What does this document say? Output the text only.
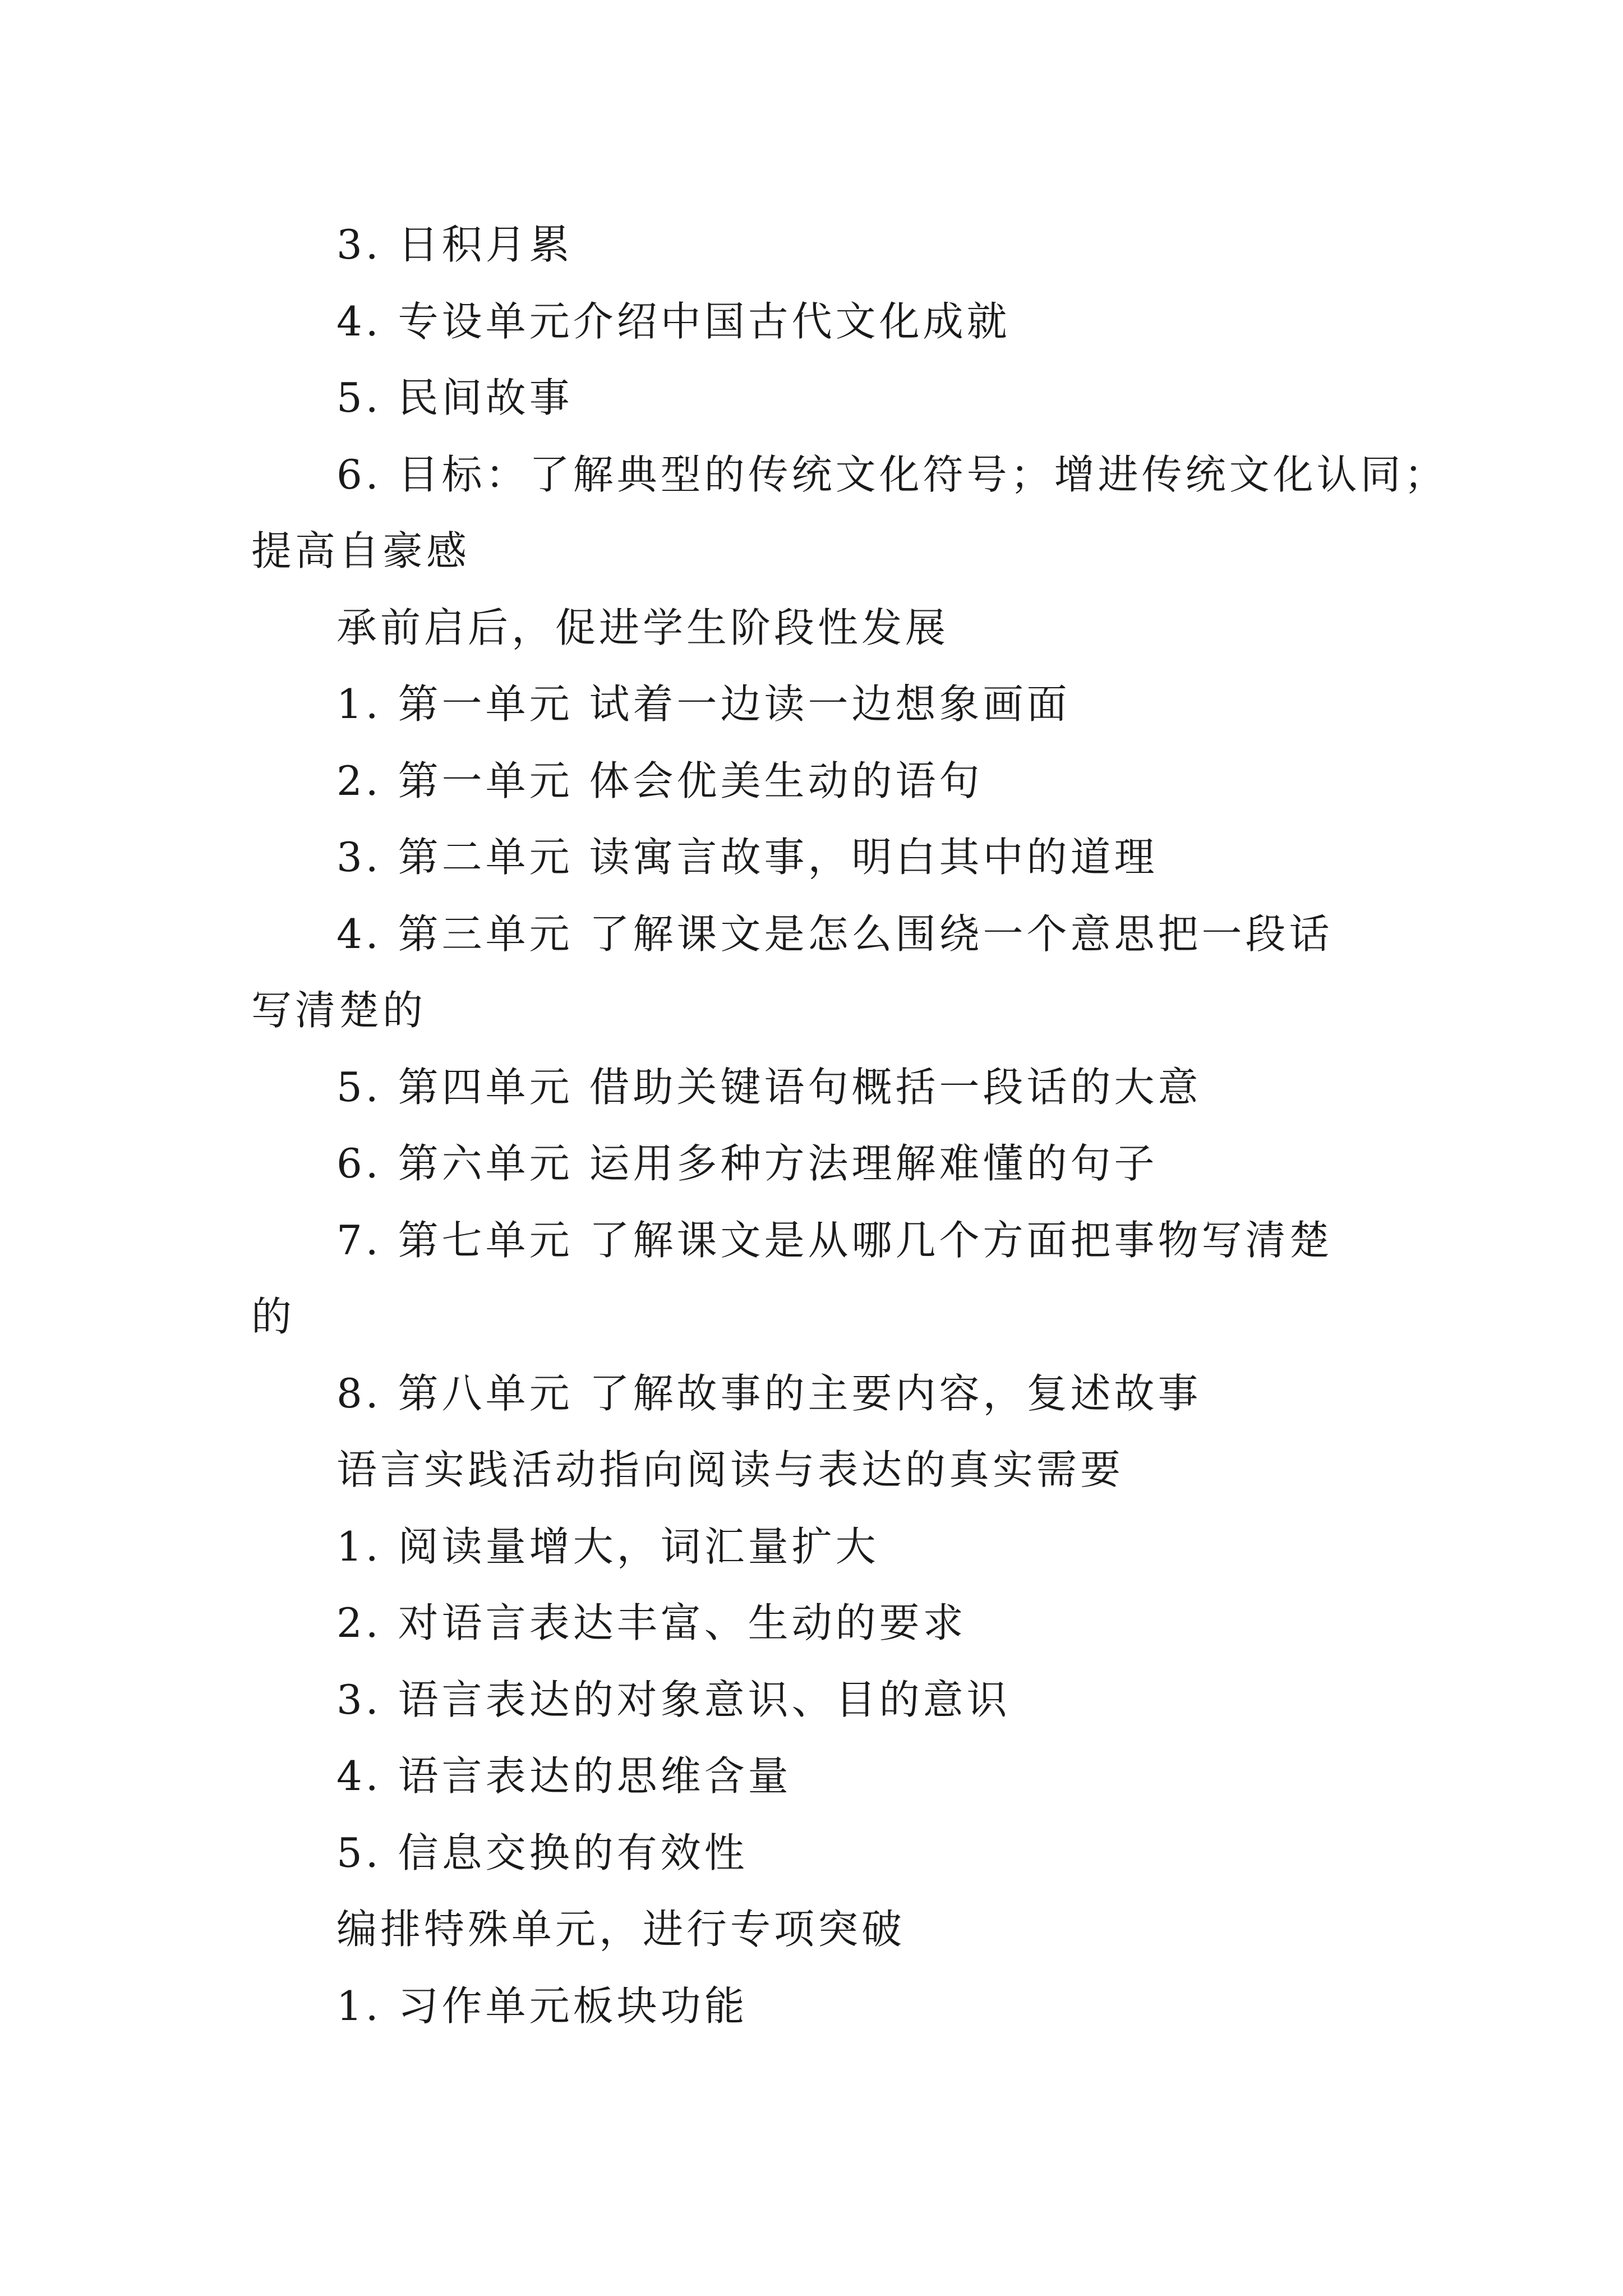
3. 日积月累
4. 专设单元介绍中国古代文化成就
5. 民间故事
6. 目标：了解典型的传统文化符号；增进传统文化认同；
提高自豪感
承前启后，促进学生阶段性发展
1. 第一单元 试着一边读一边想象画面
2. 第一单元 体会优美生动的语句
3. 第二单元 读寓言故事，明白其中的道理
4. 第三单元 了解课文是怎么围绕一个意思把一段话
写清楚的
5. 第四单元 借助关键语句概括一段话的大意
6. 第六单元 运用多种方法理解难懂的句子
7. 第七单元 了解课文是从哪几个方面把事物写清楚
的
8. 第八单元 了解故事的主要内容，复述故事
语言实践活动指向阅读与表达的真实需要
1. 阅读量增大，词汇量扩大
2. 对语言表达丰富、生动的要求
3. 语言表达的对象意识、目的意识
4. 语言表达的思维含量
5. 信息交换的有效性
编排特殊单元，进行专项突破
1. 习作单元板块功能
